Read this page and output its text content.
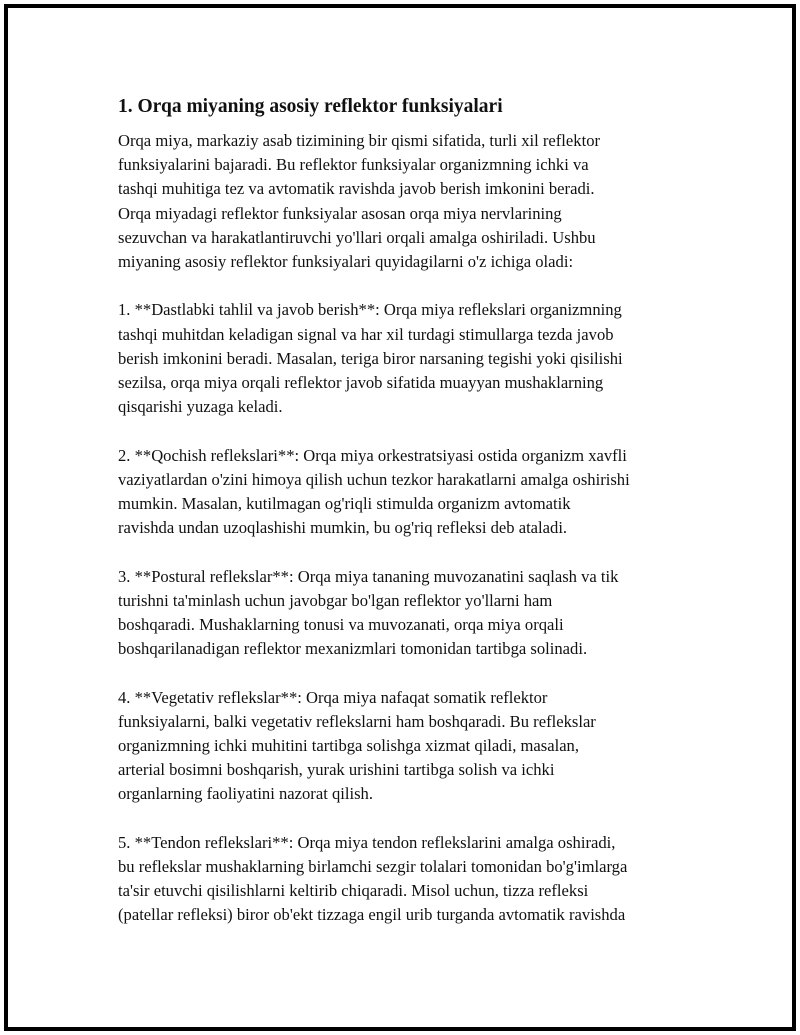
1. Orqa miyaning asosiy reflektor funksiyalari

Orqa miya, markaziy asab tizimining bir qismi sifatida, turli xil reflektor
funksiyalarini bajaradi. Bu reflektor funksiyalar organizmning ichki va
tashqi muhitiga tez va avtomatik ravishda javob berish imkonini beradi.
Orqa miyadagi reflektor funksiyalar asosan orqa miya nervlarining
sezuvchan va harakatlantiruvchi yo'llari orqali amalga oshiriladi. Ushbu
miyaning asosiy reflektor funksiyalari quyidagilarni o'z ichiga oladi:

1. **Dastlabki tahlil va javob berish**: Orqa miya reflekslari organizmning
tashqi muhitdan keladigan signal va har xil turdagi stimullarga tezda javob
berish imkonini beradi. Masalan, teriga biror narsaning tegishi yoki qisilishi
sezilsa, orqa miya orqali reflektor javob sifatida muayyan mushaklarning
qisqarishi yuzaga keladi.

2. **Qochish reflekslari**: Orqa miya orkestratsiyasi ostida organizm xavfli
vaziyatlardan o'zini himoya qilish uchun tezkor harakatlarni amalga oshirishi
mumkin. Masalan, kutilmagan og'riqli stimulda organizm avtomatik
ravishda undan uzoqlashishi mumkin, bu og'riq refleksi deb ataladi.

3. **Postural reflekslar**: Orqa miya tananing muvozanatini saqlash va tik
turishni ta'minlash uchun javobgar bo'lgan reflektor yo'llarni ham
boshqaradi. Mushaklarning tonusi va muvozanati, orqa miya orqali
boshqarilanadigan reflektor mexanizmlari tomonidan tartibga solinadi.

4. **Vegetativ reflekslar**: Orqa miya nafaqat somatik reflektor
funksiyalarni, balki vegetativ reflekslarni ham boshqaradi. Bu reflekslar
organizmning ichki muhitini tartibga solishga xizmat qiladi, masalan,
arterial bosimni boshqarish, yurak urishini tartibga solish va ichki
organlarning faoliyatini nazorat qilish.

5. **Tendon reflekslari**: Orqa miya tendon reflekslarini amalga oshiradi,
bu reflekslar mushaklarning birlamchi sezgir tolalari tomonidan bo'g'imlarga
ta'sir etuvchi qisilishlarni keltirib chiqaradi. Misol uchun, tizza refleksi
(patellar refleksi) biror ob'ekt tizzaga engil urib turganda avtomatik ravishda
